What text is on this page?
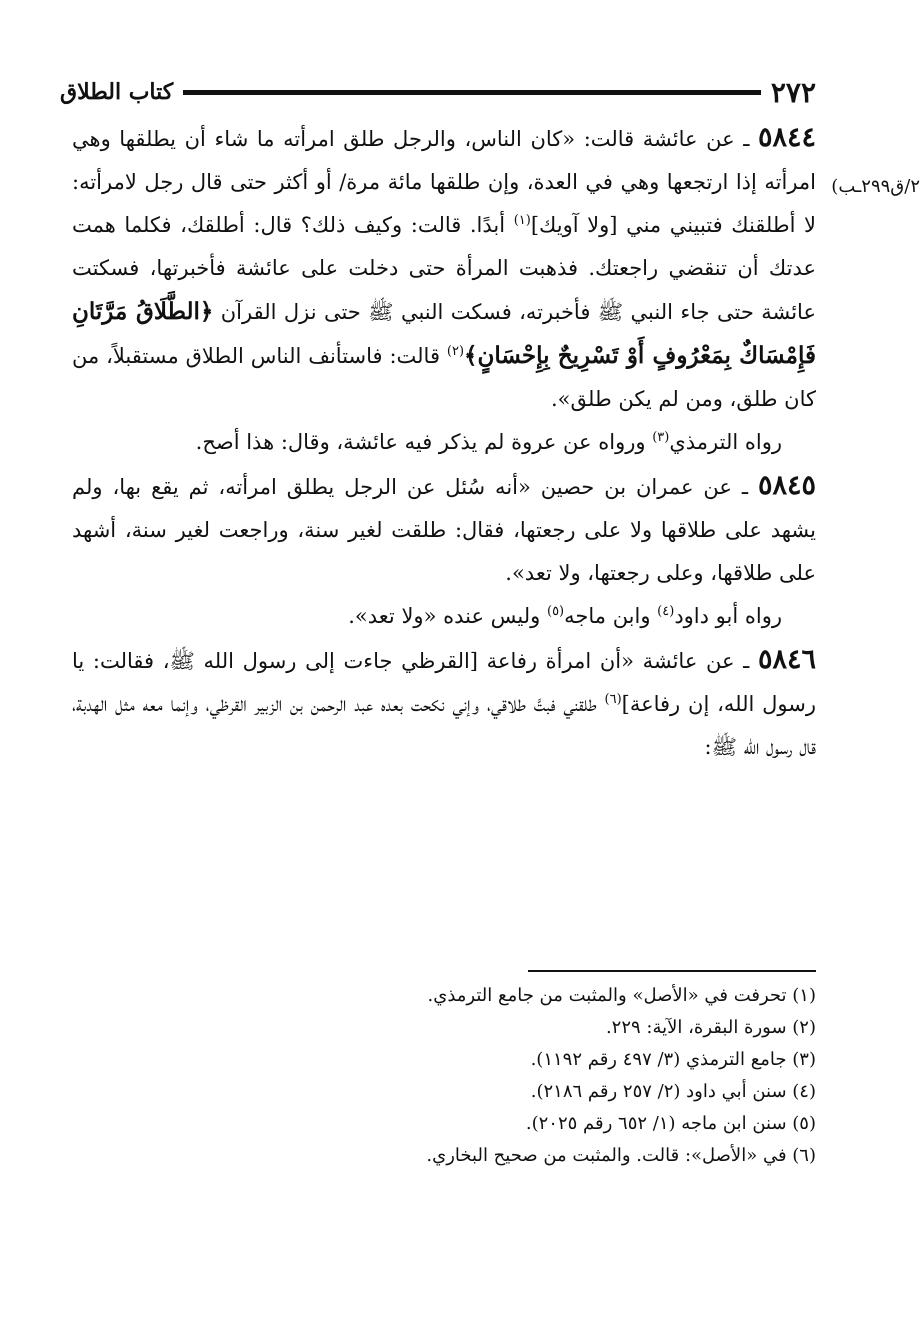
كتاب الطلاق	٢٧٢
٢/ق٢٩٩ـب)

٥٨٤٤ ـ عن عائشة قالت: «كان الناس، والرجل طلق امرأته ما شاء أن يطلقها وهي امرأته إذا ارتجعها وهي في العدة، وإن طلقها مائة مرة/ أو أكثر حتى قال رجل لامرأته: لا أطلقنك فتبيني مني [ولا آويك]$^{(١)}$ أبدًا. قالت: وكيف ذلك؟ قال: أطلقك، فكلما همت عدتك أن تنقضي راجعتك. فذهبت المرأة حتى دخلت على عائشة فأخبرتها، فسكتت عائشة حتى جاء النبي ﷺ فأخبرته، فسكت النبي ﷺ حتى نزل القرآن ﴿الطَّلَاقُ مَرَّتَانِ فَإِمْسَاكٌ بِمَعْرُوفٍ أَوْ تَسْرِيحٌ بِإِحْسَانٍ﴾$^{(٢)}$ قالت: فاستأنف الناس الطلاق مستقبلاً، من كان طلق، ومن لم يكن طلق».

رواه الترمذي$^{(٣)}$ ورواه عن عروة لم يذكر فيه عائشة، وقال: هذا أصح.

٥٨٤٥ ـ عن عمران بن حصين «أنه سُئل عن الرجل يطلق امرأته، ثم يقع بها، ولم يشهد على طلاقها ولا على رجعتها، فقال: طلقت لغير سنة، وراجعت لغير سنة، أشهد على طلاقها، وعلى رجعتها، ولا تعد».

رواه أبو داود$^{(٤)}$ وابن ماجه$^{(٥)}$ وليس عنده «ولا تعد».

٥٨٤٦ ـ عن عائشة «أن امرأة رفاعة [القرظي جاءت إلى رسول الله ﷺ، فقالت: يا رسول الله، إن رفاعة]$^{(٦)}$ طلقني فبتَّ طلاقي، وإني نكحت بعده عبد الرحمن بن الزبير القرظي، وإنما معه مثل الهدبة، قال رسول الله ﷺ:

(١) تحرفت في «الأصل» والمثبت من جامع الترمذي.

(٢) سورة البقرة، الآية: ٢٢٩.

(٣) جامع الترمذي (٣/ ٤٩٧ رقم ١١٩٢).

(٤) سنن أبي داود (٢/ ٢٥٧ رقم ٢١٨٦).

(٥) سنن ابن ماجه (١/ ٦٥٢ رقم ٢٠٢٥).

(٦) في «الأصل»: قالت. والمثبت من صحيح البخاري.
